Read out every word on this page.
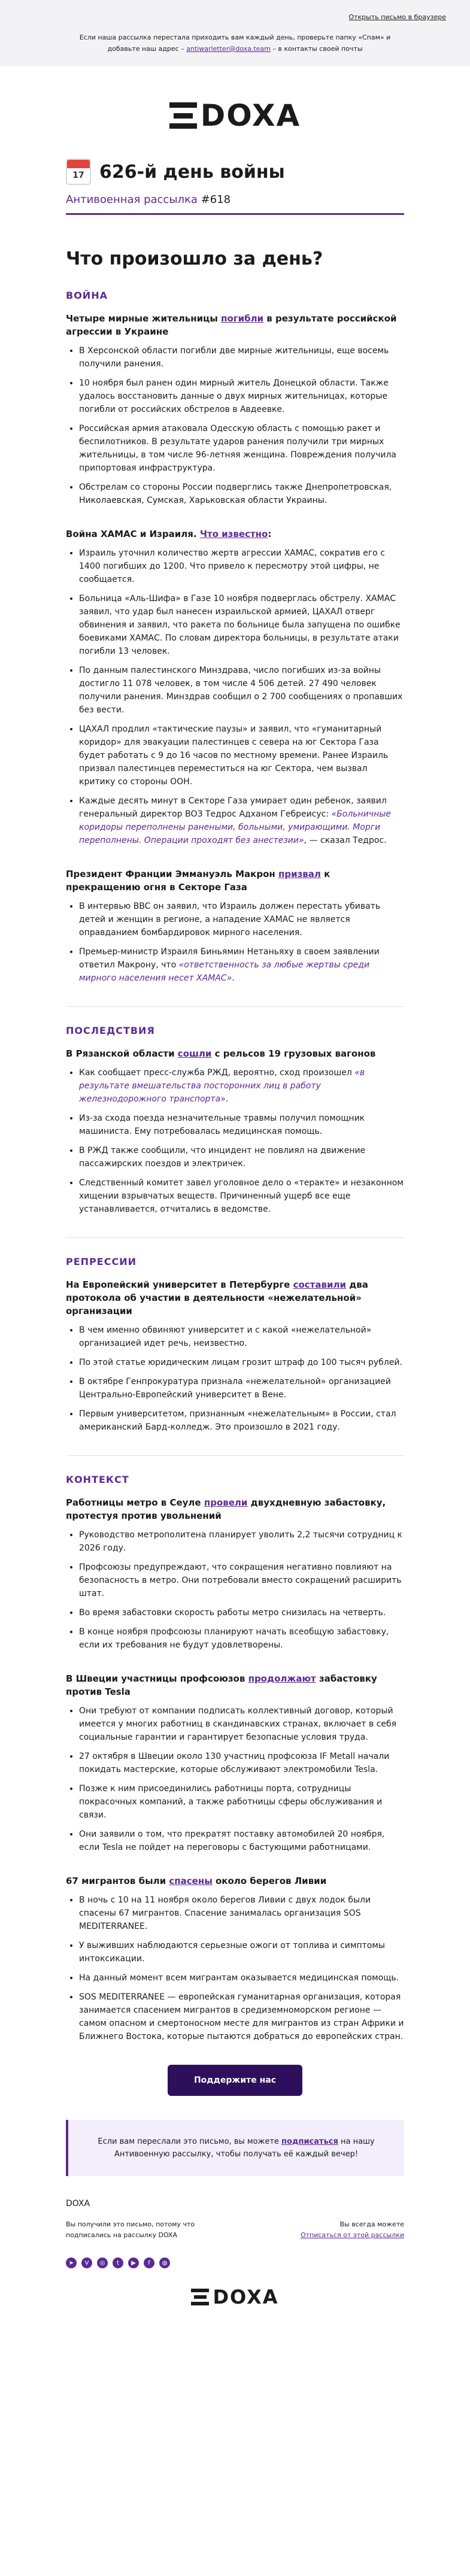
Открыть письмо в браузере
Если наша рассылка перестала приходить вам каждый день, проверьте папку «Спам» и добавьте наш адрес – antiwarletter@doxa.team – в контакты своей почты
DOXA
17 626-й день войны
Антивоенная рассылка #618
Что произошло за день?
ВОЙНА
Четыре мирные жительницы погибли в результате российской агрессии в Украине
• В Херсонской области погибли две мирные жительницы, еще восемь получили ранения.
• 10 ноября был ранен один мирный житель Донецкой области. Также удалось восстановить данные о двух мирных жительницах, которые погибли от российских обстрелов в Авдеевке.
• Российская армия атаковала Одесскую область с помощью ракет и беспилотников. В результате ударов ранения получили три мирных жительницы, в том числе 96-летняя женщина. Повреждения получила припортовая инфраструктура.
• Обстрелам со стороны России подверглись также Днепропетровская, Николаевская, Сумская, Харьковская области Украины.
Война ХАМАС и Израиля. Что известно:
• Израиль уточнил количество жертв агрессии ХАМАС, сократив его с 1400 погибших до 1200. Что привело к пересмотру этой цифры, не сообщается.
• Больница «Аль-Шифа» в Газе 10 ноября подверглась обстрелу. ХАМАС заявил, что удар был нанесен израильской армией, ЦАХАЛ отверг обвинения и заявил, что ракета по больнице была запущена по ошибке боевиками ХАМАС. По словам директора больницы, в результате атаки погибли 13 человек.
• По данным палестинского Минздрава, число погибших из-за войны достигло 11 078 человек, в том числе 4 506 детей. 27 490 человек получили ранения. Минздрав сообщил о 2 700 сообщениях о пропавших без вести.
• ЦАХАЛ продлил «тактические паузы» и заявил, что «гуманитарный коридор» для эвакуации палестинцев с севера на юг Сектора Газа будет работать с 9 до 16 часов по местному времени. Ранее Израиль призвал палестинцев переместиться на юг Сектора, чем вызвал критику со стороны ООН.
• Каждые десять минут в Секторе Газа умирает один ребенок, заявил генеральный директор ВОЗ Тедрос Адханом Гебреисус: «Больничные коридоры переполнены ранеными, больными, умирающими. Морги переполнены. Операции проходят без анестезии», — сказал Тедрос.
Президент Франции Эммануэль Макрон призвал к прекращению огня в Секторе Газа
• В интервью BBC он заявил, что Израиль должен перестать убивать детей и женщин в регионе, а нападение ХАМАС не является оправданием бомбардировок мирного населения.
• Премьер-министр Израиля Биньямин Нетаньяху в своем заявлении ответил Макрону, что «ответственность за любые жертвы среди мирного населения несет ХАМАС».
ПОСЛЕДСТВИЯ
В Рязанской области сошли с рельсов 19 грузовых вагонов
• Как сообщает пресс-служба РЖД, вероятно, сход произошел «в результате вмешательства посторонних лиц в работу железнодорожного транспорта».
• Из-за схода поезда незначительные травмы получил помощник машиниста. Ему потребовалась медицинская помощь.
• В РЖД также сообщили, что инцидент не повлиял на движение пассажирских поездов и электричек.
• Следственный комитет завел уголовное дело о «теракте» и незаконном хищении взрывчатых веществ. Причиненный ущерб все еще устанавливается, отчитались в ведомстве.
РЕПРЕССИИ
На Европейский университет в Петербурге составили два протокола об участии в деятельности «нежелательной» организации
• В чем именно обвиняют университет и с какой «нежелательной» организацией идет речь, неизвестно.
• По этой статье юридическим лицам грозит штраф до 100 тысяч рублей.
• В октябре Генпрокуратура признала «нежелательной» организацией Центрально-Европейский университет в Вене.
• Первым университетом, признанным «нежелательным» в России, стал американский Бард-колледж. Это произошло в 2021 году.
КОНТЕКСТ
Работницы метро в Сеуле провели двухдневную забастовку, протестуя против увольнений
• Руководство метрополитена планирует уволить 2,2 тысячи сотрудниц к 2026 году.
• Профсоюзы предупреждают, что сокращения негативно повлияют на безопасность в метро. Они потребовали вместо сокращений расширить штат.
• Во время забастовки скорость работы метро снизилась на четверть.
• В конце ноября профсоюзы планируют начать всеобщую забастовку, если их требования не будут удовлетворены.
В Швеции участницы профсоюзов продолжают забастовку против Tesla
• Они требуют от компании подписать коллективный договор, который имеется у многих работниц в скандинавских странах, включает в себя социальные гарантии и гарантирует безопасные условия труда.
• 27 октября в Швеции около 130 участниц профсоюза IF Metall начали покидать мастерские, которые обслуживают электромобили Tesla.
• Позже к ним присоединились работницы порта, сотрудницы покрасочных компаний, а также работницы сферы обслуживания и связи.
• Они заявили о том, что прекратят поставку автомобилей 20 ноября, если Tesla не пойдет на переговоры с бастующими работницами.
67 мигрантов были спасены около берегов Ливии
• В ночь с 10 на 11 ноября около берегов Ливии с двух лодок были спасены 67 мигрантов. Спасение занималась организация SOS MEDITERRANEE.
• У выживших наблюдаются серьезные ожоги от топлива и симптомы интоксикации.
• На данный момент всем мигрантам оказывается медицинская помощь.
• SOS MEDITERRANEE — европейская гуманитарная организация, которая занимается спасением мигрантов в средиземноморском регионе — самом опасном и смертоносном месте для мигрантов из стран Африки и Ближнего Востока, которые пытаются добраться до европейских стран.
Поддержите нас
Если вам переслали это письмо, вы можете подписаться на нашу Антивоенную рассылку, чтобы получать её каждый вечер!
DOXA
Вы получили это письмо, потому что
подписались на рассылку DOXA
Вы всегда можете
Отписаться от этой рассылки
➤	V	◎	t	▶	f	◍
DOXA
